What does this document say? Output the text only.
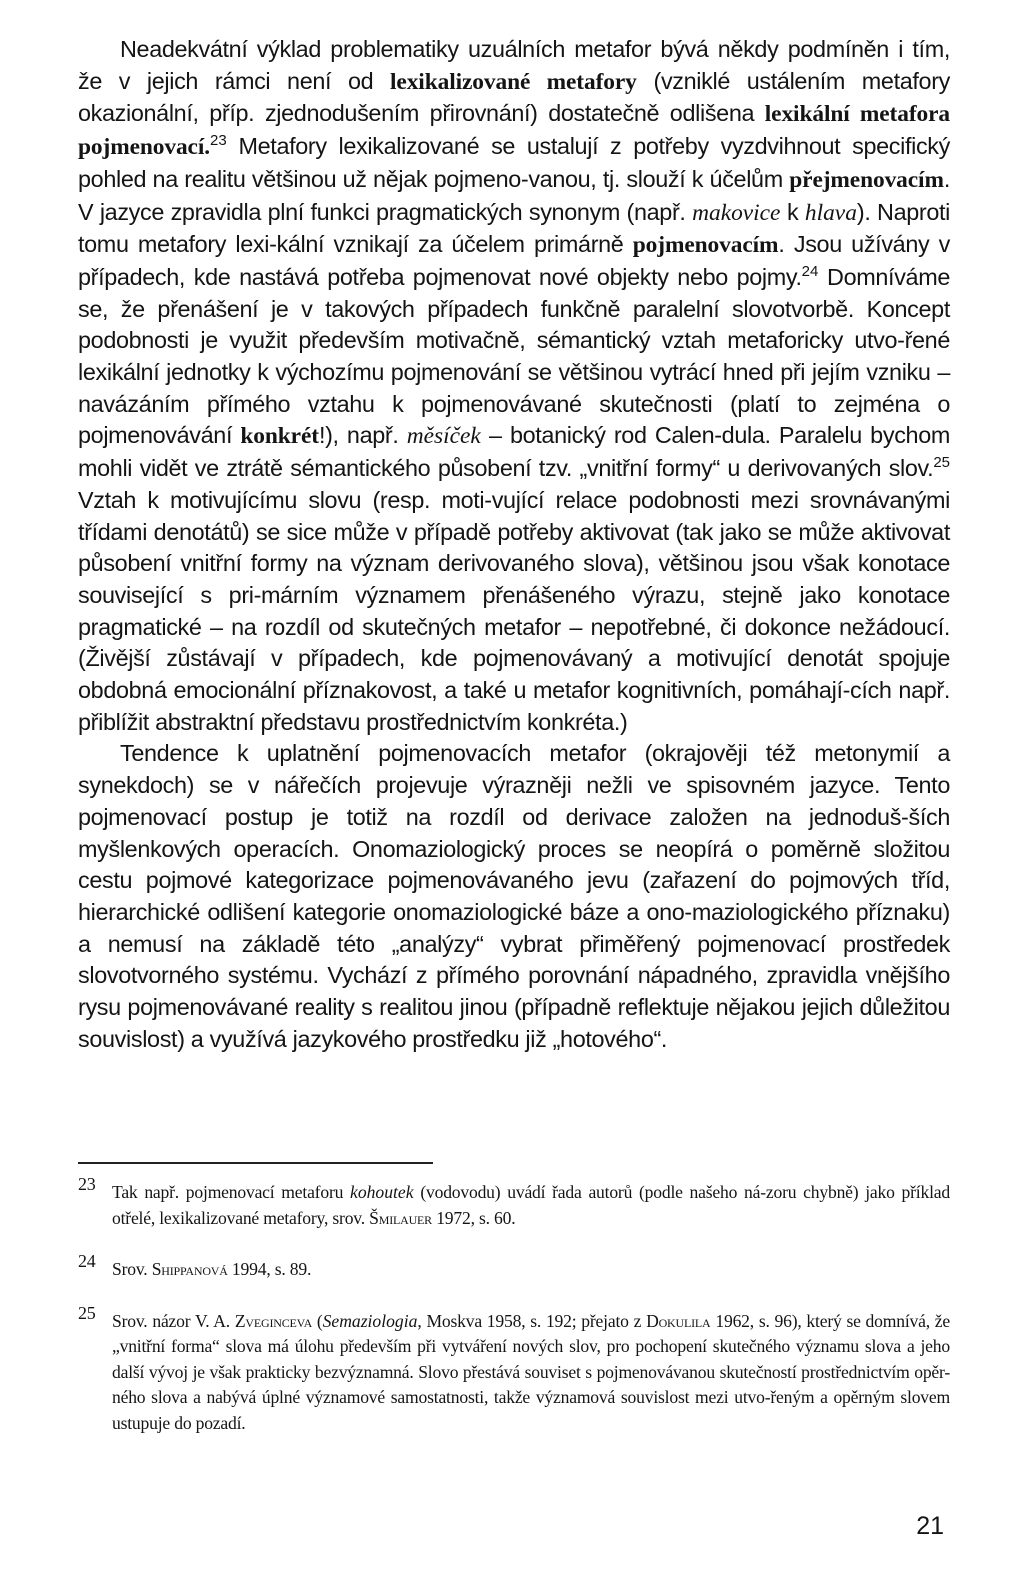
Neadekvátní výklad problematiky uzuálních metafor bývá někdy podmíněn i tím, že v jejich rámci není od lexikalizované metafory (vzniklé ustálením metafory okazionální, příp. zjednodušením přirovnání) dostatečně odlišena lexikální metafora pojmenovací.$^{23}$ Metafory lexikalizované se ustalují z potřeby vyzdvihnout specifický pohled na realitu většinou už nějak pojmeno-vanou, tj. slouží k účelům přejmenovacím. V jazyce zpravidla plní funkci pragmatických synonym (např. makovice k hlava). Naproti tomu metafory lexi-kální vznikají za účelem primárně pojmenovacím. Jsou užívány v případech, kde nastává potřeba pojmenovat nové objekty nebo pojmy.$^{24}$ Domníváme se, že přenášení je v takových případech funkčně paralelní slovotvorbě. Koncept podobnosti je využit především motivačně, sémantický vztah metaforicky utvo-řené lexikální jednotky k výchozímu pojmenování se většinou vytrácí hned při jejím vzniku – navázáním přímého vztahu k pojmenovávané skutečnosti (platí to zejména o pojmenovávání konkrét!), např. měsíček – botanický rod Calen-dula. Paralelu bychom mohli vidět ve ztrátě sémantického působení tzv. „vnitřní formy“ u derivovaných slov.$^{25}$ Vztah k motivujícímu slovu (resp. moti-vující relace podobnosti mezi srovnávanými třídami denotátů) se sice může v případě potřeby aktivovat (tak jako se může aktivovat působení vnitřní formy na význam derivovaného slova), většinou jsou však konotace související s pri-márním významem přenášeného výrazu, stejně jako konotace pragmatické – na rozdíl od skutečných metafor – nepotřebné, či dokonce nežádoucí. (Živější zůstávají v případech, kde pojmenovávaný a motivující denotát spojuje obdobná emocionální příznakovost, a také u metafor kognitivních, pomáhají-cích např. přiblížit abstraktní představu prostřednictvím konkréta.)

Tendence k uplatnění pojmenovacích metafor (okrajověji též metonymií a synekdoch) se v nářečích projevuje výrazněji nežli ve spisovném jazyce. Tento pojmenovací postup je totiž na rozdíl od derivace založen na jednoduš-ších myšlenkových operacích. Onomaziologický proces se neopírá o poměrně složitou cestu pojmové kategorizace pojmenovávaného jevu (zařazení do pojmových tříd, hierarchické odlišení kategorie onomaziologické báze a ono-maziologického příznaku) a nemusí na základě této „analýzy“ vybrat přiměřený pojmenovací prostředek slovotvorného systému. Vychází z přímého porovnání nápadného, zpravidla vnějšího rysu pojmenovávané reality s realitou jinou (případně reflektuje nějakou jejich důležitou souvislost) a využívá jazykového prostředku již „hotového“.

23 Tak např. pojmenovací metaforu kohoutek (vodovodu) uvádí řada autorů (podle našeho ná-zoru chybně) jako příklad otřelé, lexikalizované metafory, srov. Šmilauer 1972, s. 60.
24 Srov. Shippanová 1994, s. 89.
25 Srov. názor V. A. Zveginceva (Semaziologia, Moskva 1958, s. 192; přejato z Dokulila 1962, s. 96), který se domnívá, že „vnitřní forma“ slova má úlohu především při vytváření nových slov, pro pochopení skutečného významu slova a jeho další vývoj je však prakticky bezvýznamná. Slovo přestává souviset s pojmenovávanou skutečností prostřednictvím opěr-ného slova a nabývá úplné významové samostatnosti, takže významová souvislost mezi utvo-řeným a opěrným slovem ustupuje do pozadí.
21
